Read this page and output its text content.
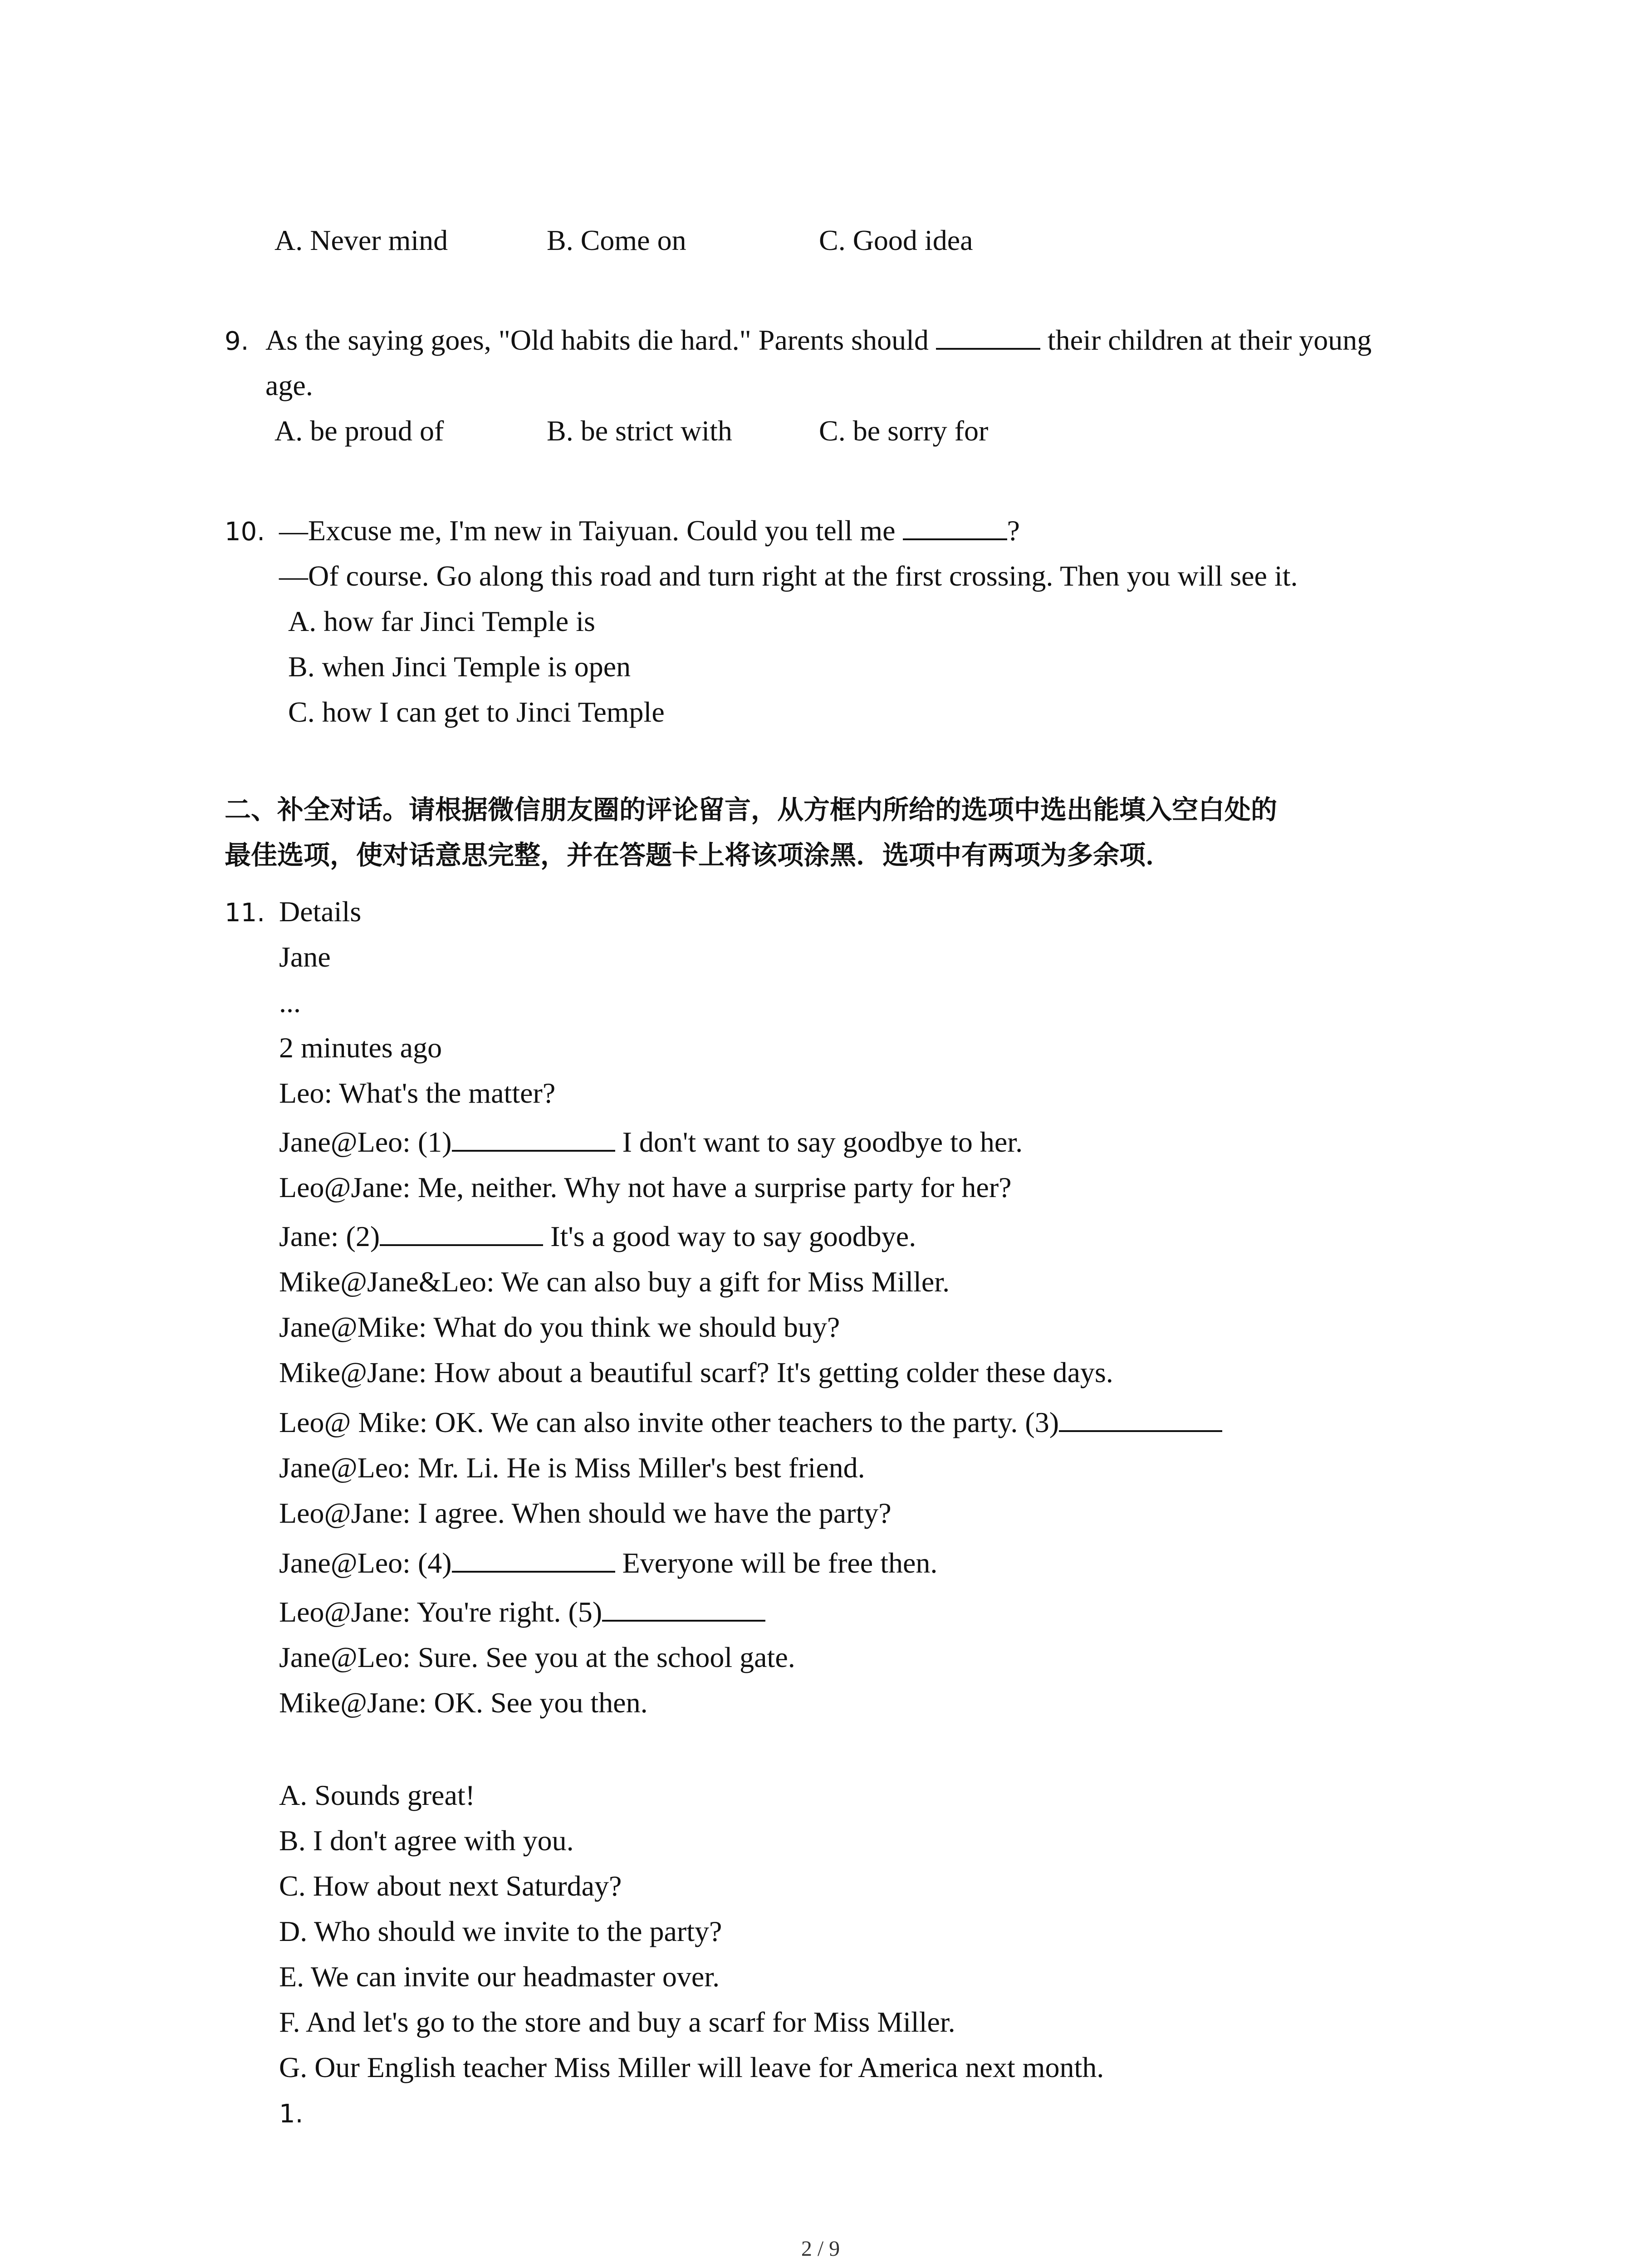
A. Never mind	B. Come on	C. Good idea
9. As the saying goes, "Old habits die hard." Parents should	their children at their young
age.
A. be proud of	B. be strict with	C. be sorry for
10. —Excuse me, I'm new in Taiyuan. Could you tell me	?
—Of course. Go along this road and turn right at the first crossing. Then you will see it.
A. how far Jinci Temple is
B. when Jinci Temple is open
C. how I can get to Jinci Temple
二、补全对话。请根据微信朋友圈的评论留言，从方框内所给的选项中选出能填入空白处的
最佳选项，使对话意思完整，并在答题卡上将该项涂黑．选项中有两项为多余项．
11. Details
Jane
...
2 minutes ago
Leo: What's the matter?
Jane@Leo: (1)	I don't want to say goodbye to her.
Leo@Jane: Me, neither. Why not have a surprise party for her?
Jane: (2)	It's a good way to say goodbye.
Mike@Jane&Leo: We can also buy a gift for Miss Miller.
Jane@Mike: What do you think we should buy?
Mike@Jane: How about a beautiful scarf? It's getting colder these days.
Leo@ Mike: OK. We can also invite other teachers to the party. (3)
Jane@Leo: Mr. Li. He is Miss Miller's best friend.
Leo@Jane: I agree. When should we have the party?
Jane@Leo: (4)	Everyone will be free then.
Leo@Jane: You're right. (5)
Jane@Leo: Sure. See you at the school gate.
Mike@Jane: OK. See you then.
A. Sounds great!
B. I don't agree with you.
C. How about next Saturday?
D. Who should we invite to the party?
E. We can invite our headmaster over.
F. And let's go to the store and buy a scarf for Miss Miller.
G. Our English teacher Miss Miller will leave for America next month.
1.
2 / 9
